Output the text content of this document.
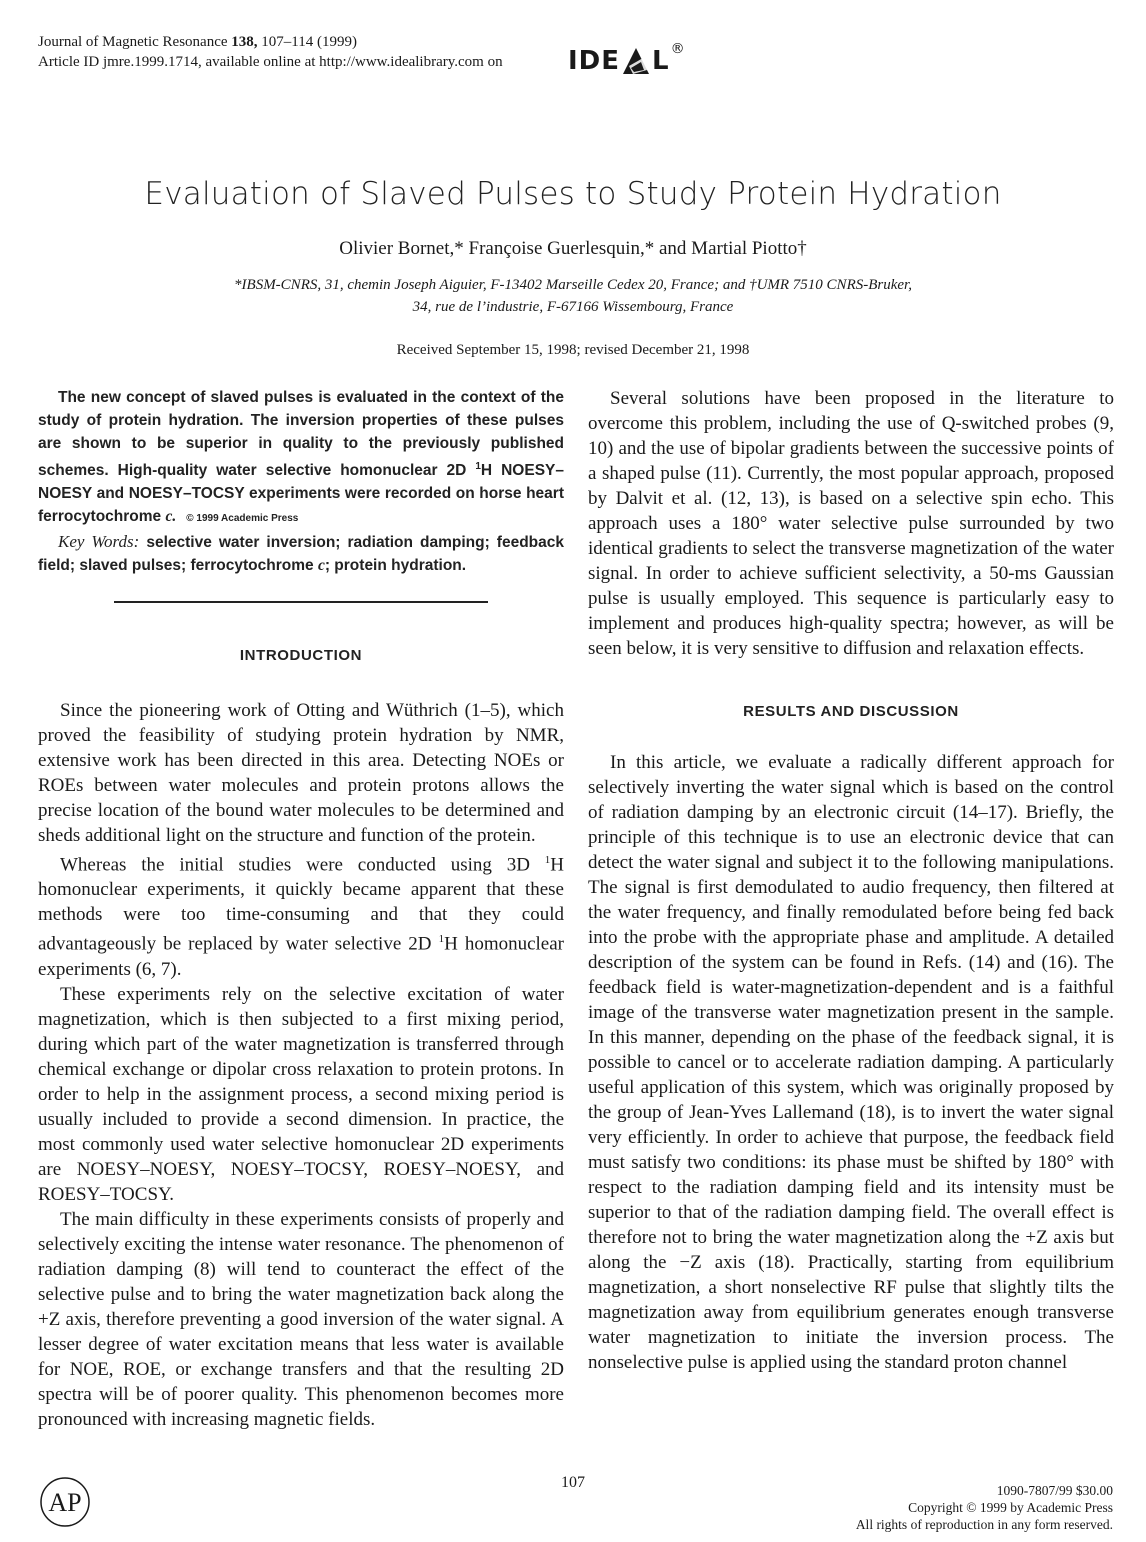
Journal of Magnetic Resonance 138, 107–114 (1999)
Article ID jmre.1999.1714, available online at http://www.idealibrary.com on	IDE L®
Evaluation of Slaved Pulses to Study Protein Hydration
Olivier Bornet,* Françoise Guerlesquin,* and Martial Piotto†
*IBSM-CNRS, 31, chemin Joseph Aiguier, F-13402 Marseille Cedex 20, France; and †UMR 7510 CNRS-Bruker,
34, rue de l’industrie, F-67166 Wissembourg, France
Received September 15, 1998; revised December 21, 1998

The new concept of slaved pulses is evaluated in the context of the study of protein hydration. The inversion properties of these pulses are shown to be superior in quality to the previously published schemes. High-quality water selective homonuclear 2D $^1$H NOESY–NOESY and NOESY–TOCSY experiments were recorded on horse heart ferrocytochrome c. © 1999 Academic Press

Key Words: selective water inversion; radiation damping; feedback field; slaved pulses; ferrocytochrome c; protein hydration.

INTRODUCTION

Since the pioneering work of Otting and Wüthrich (1–5), which proved the feasibility of studying protein hydration by NMR, extensive work has been directed in this area. Detecting NOEs or ROEs between water molecules and protein protons allows the precise location of the bound water molecules to be determined and sheds additional light on the structure and function of the protein.

Whereas the initial studies were conducted using 3D $^1$H homonuclear experiments, it quickly became apparent that these methods were too time-consuming and that they could advantageously be replaced by water selective 2D $^1$H homonuclear experiments (6, 7).

These experiments rely on the selective excitation of water magnetization, which is then subjected to a first mixing period, during which part of the water magnetization is transferred through chemical exchange or dipolar cross relaxation to protein protons. In order to help in the assignment process, a second mixing period is usually included to provide a second dimension. In practice, the most commonly used water selective homonuclear 2D experiments are NOESY–NOESY, NOESY–TOCSY, ROESY–NOESY, and ROESY–TOCSY.

The main difficulty in these experiments consists of properly and selectively exciting the intense water resonance. The phenomenon of radiation damping (8) will tend to counteract the effect of the selective pulse and to bring the water magnetization back along the +Z axis, therefore preventing a good inversion of the water signal. A lesser degree of water excitation means that less water is available for NOE, ROE, or exchange transfers and that the resulting 2D spectra will be of poorer quality. This phenomenon becomes more pronounced with increasing magnetic fields.

Several solutions have been proposed in the literature to overcome this problem, including the use of Q-switched probes (9, 10) and the use of bipolar gradients between the successive points of a shaped pulse (11). Currently, the most popular approach, proposed by Dalvit et al. (12, 13), is based on a selective spin echo. This approach uses a 180° water selective pulse surrounded by two identical gradients to select the transverse magnetization of the water signal. In order to achieve sufficient selectivity, a 50-ms Gaussian pulse is usually employed. This sequence is particularly easy to implement and produces high-quality spectra; however, as will be seen below, it is very sensitive to diffusion and relaxation effects.

RESULTS AND DISCUSSION

In this article, we evaluate a radically different approach for selectively inverting the water signal which is based on the control of radiation damping by an electronic circuit (14–17). Briefly, the principle of this technique is to use an electronic device that can detect the water signal and subject it to the following manipulations. The signal is first demodulated to audio frequency, then filtered at the water frequency, and finally remodulated before being fed back into the probe with the appropriate phase and amplitude. A detailed description of the system can be found in Refs. (14) and (16). The feedback field is water-magnetization-dependent and is a faithful image of the transverse water magnetization present in the sample. In this manner, depending on the phase of the feedback signal, it is possible to cancel or to accelerate radiation damping. A particularly useful application of this system, which was originally proposed by the group of Jean-Yves Lallemand (18), is to invert the water signal very efficiently. In order to achieve that purpose, the feedback field must satisfy two conditions: its phase must be shifted by 180° with respect to the radiation damping field and its intensity must be superior to that of the radiation damping field. The overall effect is therefore not to bring the water magnetization along the +Z axis but along the −Z axis (18). Practically, starting from equilibrium magnetization, a short nonselective RF pulse that slightly tilts the magnetization away from equilibrium generates enough transverse water magnetization to initiate the inversion process. The nonselective pulse is applied using the standard proton channel

AP
107	1090-7807/99 $30.00
Copyright © 1999 by Academic Press
All rights of reproduction in any form reserved.
